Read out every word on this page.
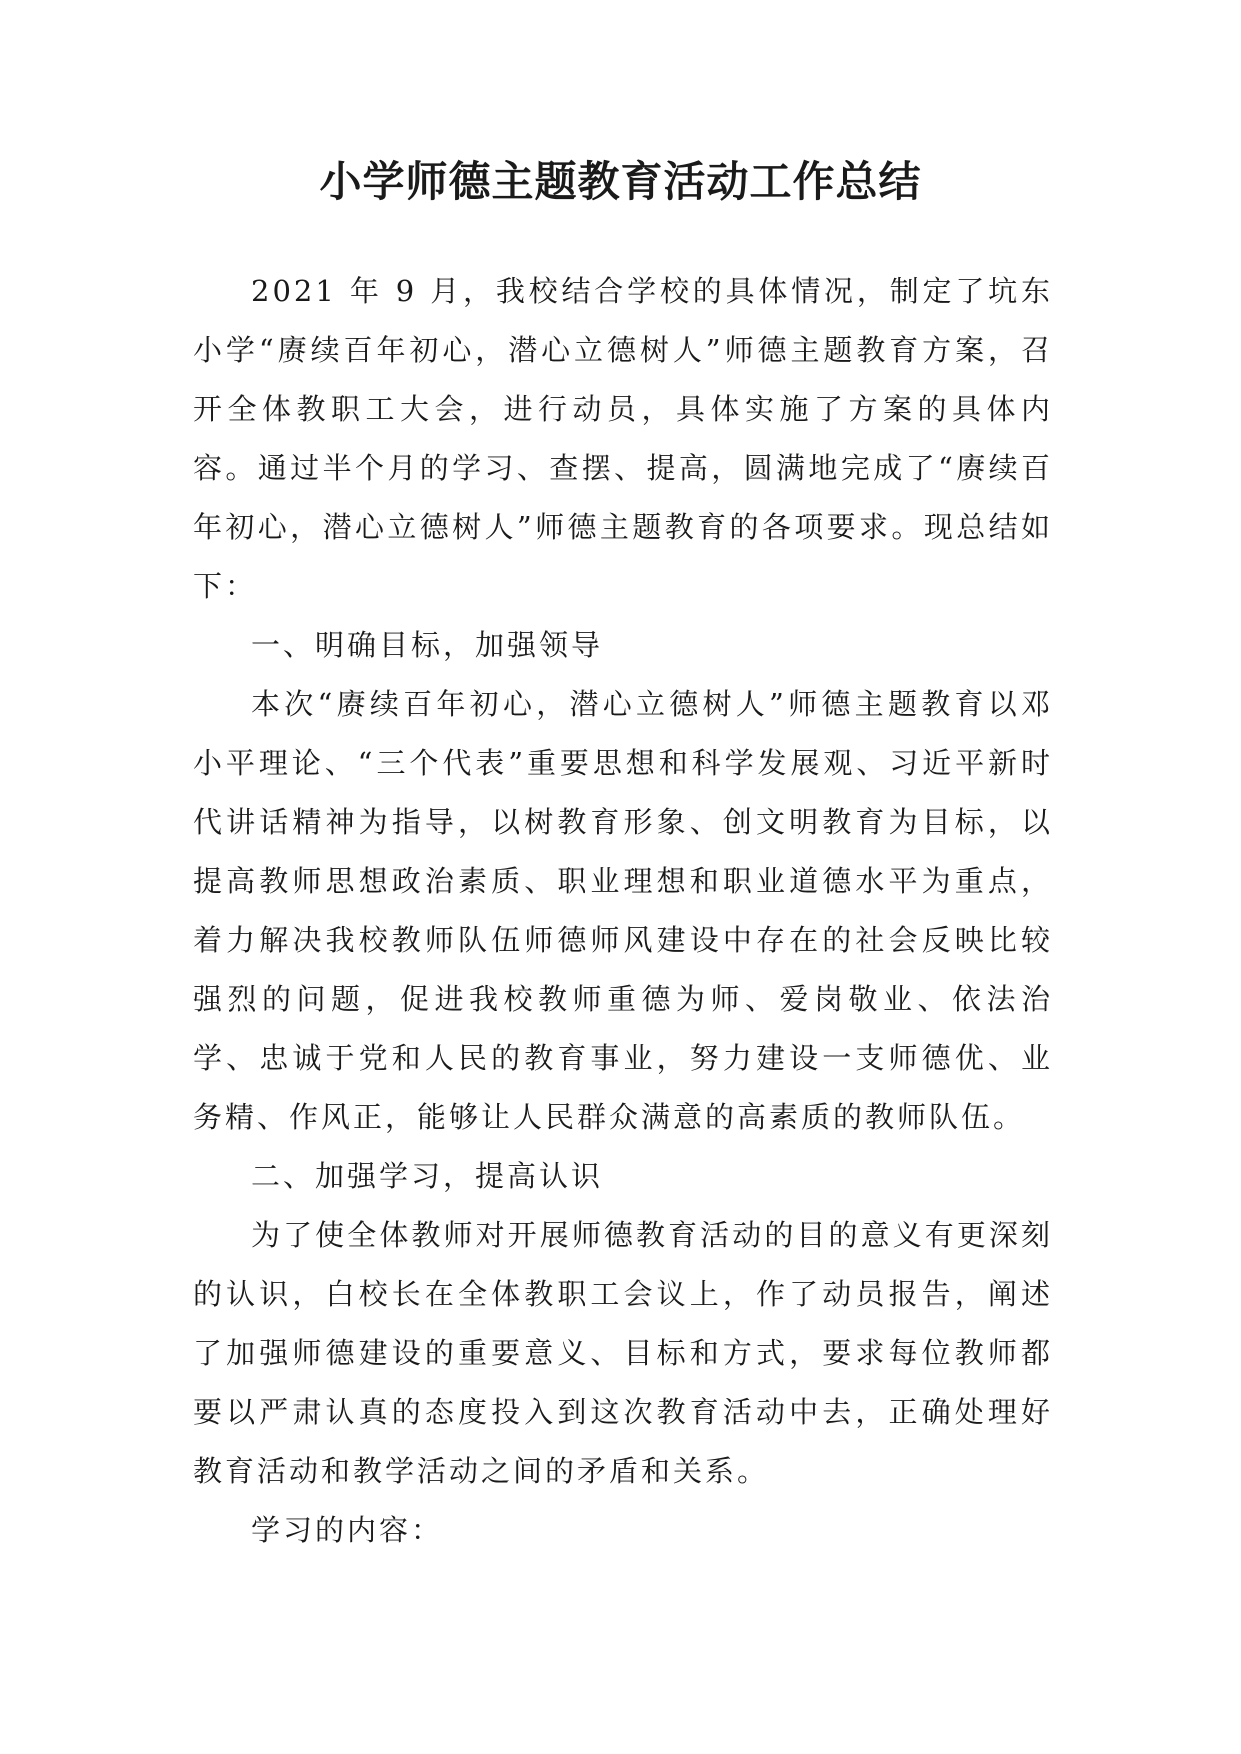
小学师德主题教育活动工作总结

2021 年 9 月，我校结合学校的具体情况，制定了坑东小学“赓续百年初心，潜心立德树人”师德主题教育方案，召开全体教职工大会，进行动员，具体实施了方案的具体内容。通过半个月的学习、查摆、提高，圆满地完成了“赓续百年初心，潜心立德树人”师德主题教育的各项要求。现总结如下：

一、明确目标，加强领导

本次“赓续百年初心，潜心立德树人”师德主题教育以邓小平理论、“三个代表”重要思想和科学发展观、习近平新时代讲话精神为指导，以树教育形象、创文明教育为目标，以提高教师思想政治素质、职业理想和职业道德水平为重点，着力解决我校教师队伍师德师风建设中存在的社会反映比较强烈的问题，促进我校教师重德为师、爱岗敬业、依法治学、忠诚于党和人民的教育事业，努力建设一支师德优、业务精、作风正，能够让人民群众满意的高素质的教师队伍。

二、加强学习，提高认识

为了使全体教师对开展师德教育活动的目的意义有更深刻的认识，白校长在全体教职工会议上，作了动员报告，阐述了加强师德建设的重要意义、目标和方式，要求每位教师都要以严肃认真的态度投入到这次教育活动中去，正确处理好教育活动和教学活动之间的矛盾和关系。

学习的内容：
